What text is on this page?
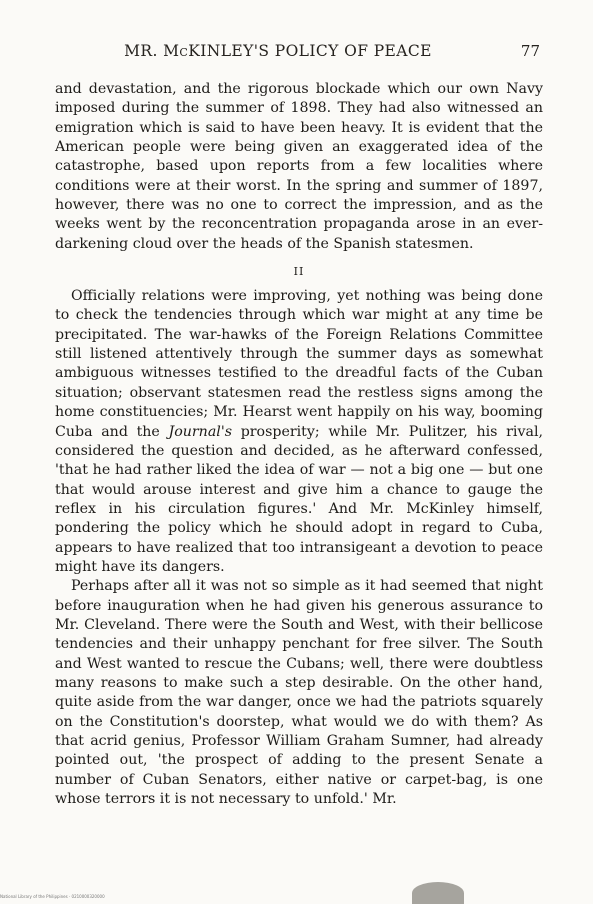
MR. McKINLEY'S POLICY OF PEACE	77

and devastation, and the rigorous blockade which our own Navy imposed during the summer of 1898. They had also witnessed an emigration which is said to have been heavy. It is evident that the American people were being given an exaggerated idea of the catastrophe, based upon reports from a few localities where conditions were at their worst. In the spring and summer of 1897, however, there was no one to correct the impression, and as the weeks went by the reconcentration propaganda arose in an ever-darkening cloud over the heads of the Spanish statesmen.

II

Officially relations were improving, yet nothing was being done to check the tendencies through which war might at any time be precipitated. The war-hawks of the Foreign Relations Committee still listened attentively through the summer days as somewhat ambiguous witnesses testified to the dreadful facts of the Cuban situation; observant statesmen read the restless signs among the home constituencies; Mr. Hearst went happily on his way, booming Cuba and the Journal's prosperity; while Mr. Pulitzer, his rival, considered the question and decided, as he afterward confessed, 'that he had rather liked the idea of war — not a big one — but one that would arouse interest and give him a chance to gauge the reflex in his circulation figures.' And Mr. McKinley himself, pondering the policy which he should adopt in regard to Cuba, appears to have realized that too intransigeant a devotion to peace might have its dangers.

Perhaps after all it was not so simple as it had seemed that night before inauguration when he had given his generous assurance to Mr. Cleveland. There were the South and West, with their bellicose tendencies and their unhappy penchant for free silver. The South and West wanted to rescue the Cubans; well, there were doubtless many reasons to make such a step desirable. On the other hand, quite aside from the war danger, once we had the patriots squarely on the Constitution's doorstep, what would we do with them? As that acrid genius, Professor William Graham Sumner, had already pointed out, 'the prospect of adding to the present Senate a number of Cuban Senators, either native or carpet-bag, is one whose terrors it is not necessary to unfold.' Mr.

National Library of the Philippines · 0210000320000
